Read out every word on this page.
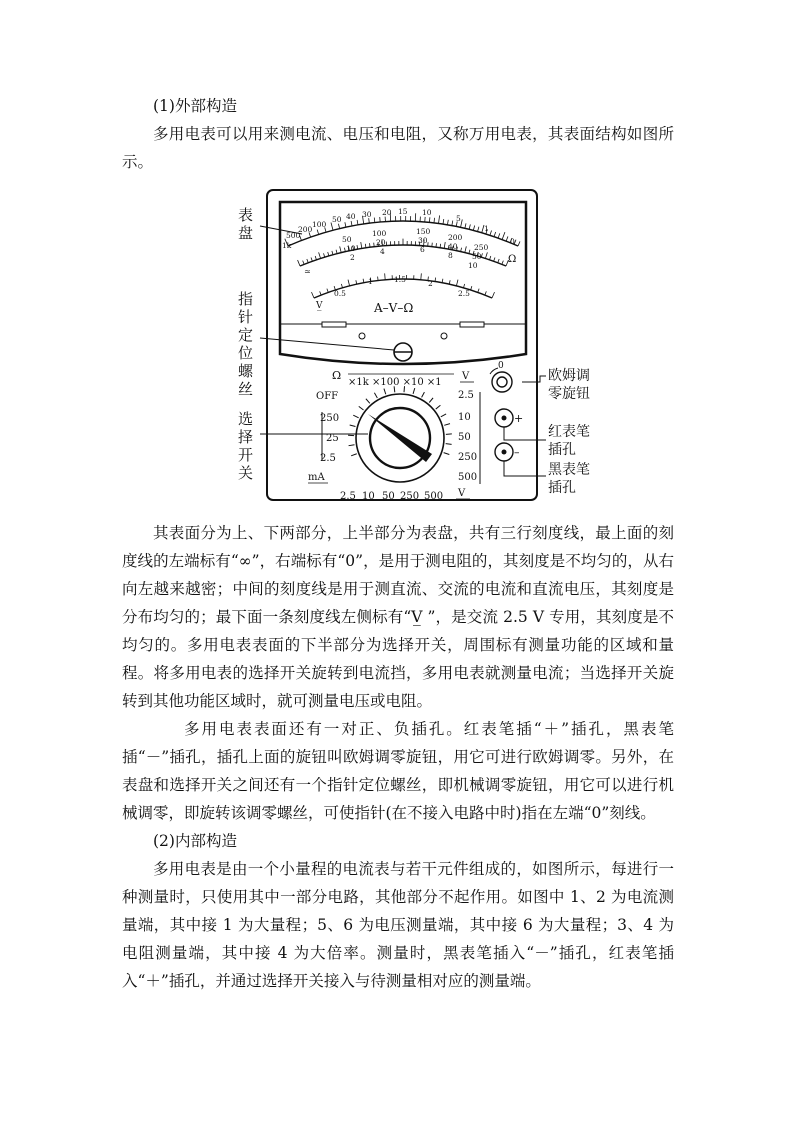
(1)外部构造

多用电表可以用来测电流、电压和电阻，又称万用电表，其表面结构如图所示。

1k
500
200
100
50 40 30 20 15 10
5
1
0
Ω
50
100	150
200
250
10
20	30
40
50
2
4	6
8
10
≃
0.5
1	1.5	2
2.5
V̲	A–V–Ω
Ω
×1k ×100 ×10 ×1
V
OFF
250
25
2.5
mA
2.5
10
50
250
500
2.5 10 50 250 500 V
0
+
–
表
盘
指
针
定
位
螺
丝
选
择
开
关
欧姆调
零旋钮
红表笔
插孔
黑表笔
插孔

其表面分为上、下两部分，上半部分为表盘，共有三行刻度线，最上面的刻度线的左端标有“∞”，右端标有“0”，是用于测电阻的，其刻度是不均匀的，从右向左越来越密；中间的刻度线是用于测直流、交流的电流和直流电压，其刻度是分布均匀的；最下面一条刻度线左侧标有“V̲ ”，是交流 2.5 V 专用，其刻度是不均匀的。多用电表表面的下半部分为选择开关，周围标有测量功能的区域和量程。将多用电表的选择开关旋转到电流挡，多用电表就测量电流；当选择开关旋转到其他功能区域时，就可测量电压或电阻。

多用电表表面还有一对正、负插孔。红表笔插“＋”插孔，黑表笔插“－”插孔，插孔上面的旋钮叫欧姆调零旋钮，用它可进行欧姆调零。另外，在表盘和选择开关之间还有一个指针定位螺丝，即机械调零旋钮，用它可以进行机械调零，即旋转该调零螺丝，可使指针(在不接入电路中时)指在左端“0”刻线。

(2)内部构造

多用电表是由一个小量程的电流表与若干元件组成的，如图所示，每进行一种测量时，只使用其中一部分电路，其他部分不起作用。如图中 1、2 为电流测量端，其中接 1 为大量程；5、6 为电压测量端，其中接 6 为大量程；3、4 为电阻测量端，其中接 4 为大倍率。测量时，黑表笔插入“－”插孔，红表笔插入“＋”插孔，并通过选择开关接入与待测量相对应的测量端。
